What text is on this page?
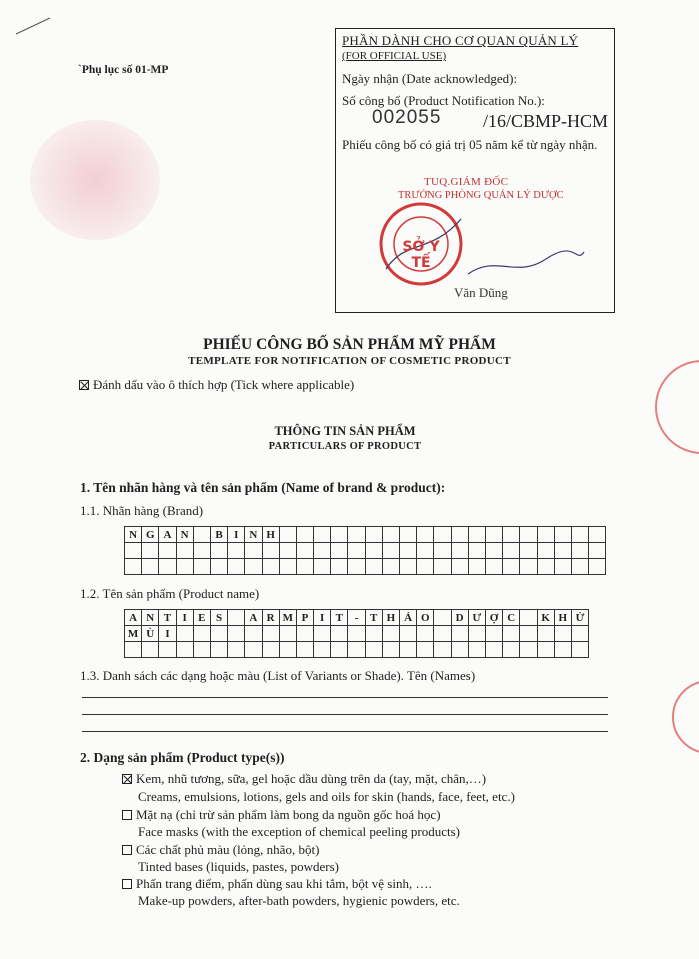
`Phụ lục số 01-MP
PHẦN DÀNH CHO CƠ QUAN QUẢN LÝ
(FOR OFFICIAL USE)
Ngày nhận (Date acknowledged):
Số công bố (Product Notification No.):
002055 /16/CBMP-HCM
Phiếu công bố có giá trị 05 năm kể từ ngày nhận.
TUQ.GIÁM ĐỐC
TRƯỞNG PHÒNG QUẢN LÝ DƯỢC
SỞ Y TẾ
Văn Dũng
PHIẾU CÔNG BỐ SẢN PHẨM MỸ PHẨM
TEMPLATE FOR NOTIFICATION OF COSMETIC PRODUCT
Đánh dấu vào ô thích hợp (Tick where applicable)
THÔNG TIN SẢN PHẨM
PARTICULARS OF PRODUCT
1. Tên nhãn hàng và tên sản phẩm (Name of brand & product):
1.1. Nhãn hàng (Brand)
N	G	A	N		B	I	N	H																			

1.2. Tên sản phẩm (Product name)
A	N	T	I	E	S		A	R	M	P	I	T	-	T	H	Ả	O		D	Ư	Ợ	C		K	H	Ử
M	Ù	I																								

1.3. Danh sách các dạng hoặc màu (List of Variants or Shade). Tên (Names)
2. Dạng sản phẩm (Product type(s))
Kem, nhũ tương, sữa, gel hoặc dầu dùng trên da (tay, mặt, chân,…)
Creams, emulsions, lotions, gels and oils for skin (hands, face, feet, etc.)
Mặt nạ (chỉ trừ sản phẩm làm bong da nguồn gốc hoá học)
Face masks (with the exception of chemical peeling products)
Các chất phủ màu (lỏng, nhão, bột)
Tinted bases (liquids, pastes, powders)
Phấn trang điểm, phấn dùng sau khi tắm, bột vệ sinh, ….
Make-up powders, after-bath powders, hygienic powders, etc.
